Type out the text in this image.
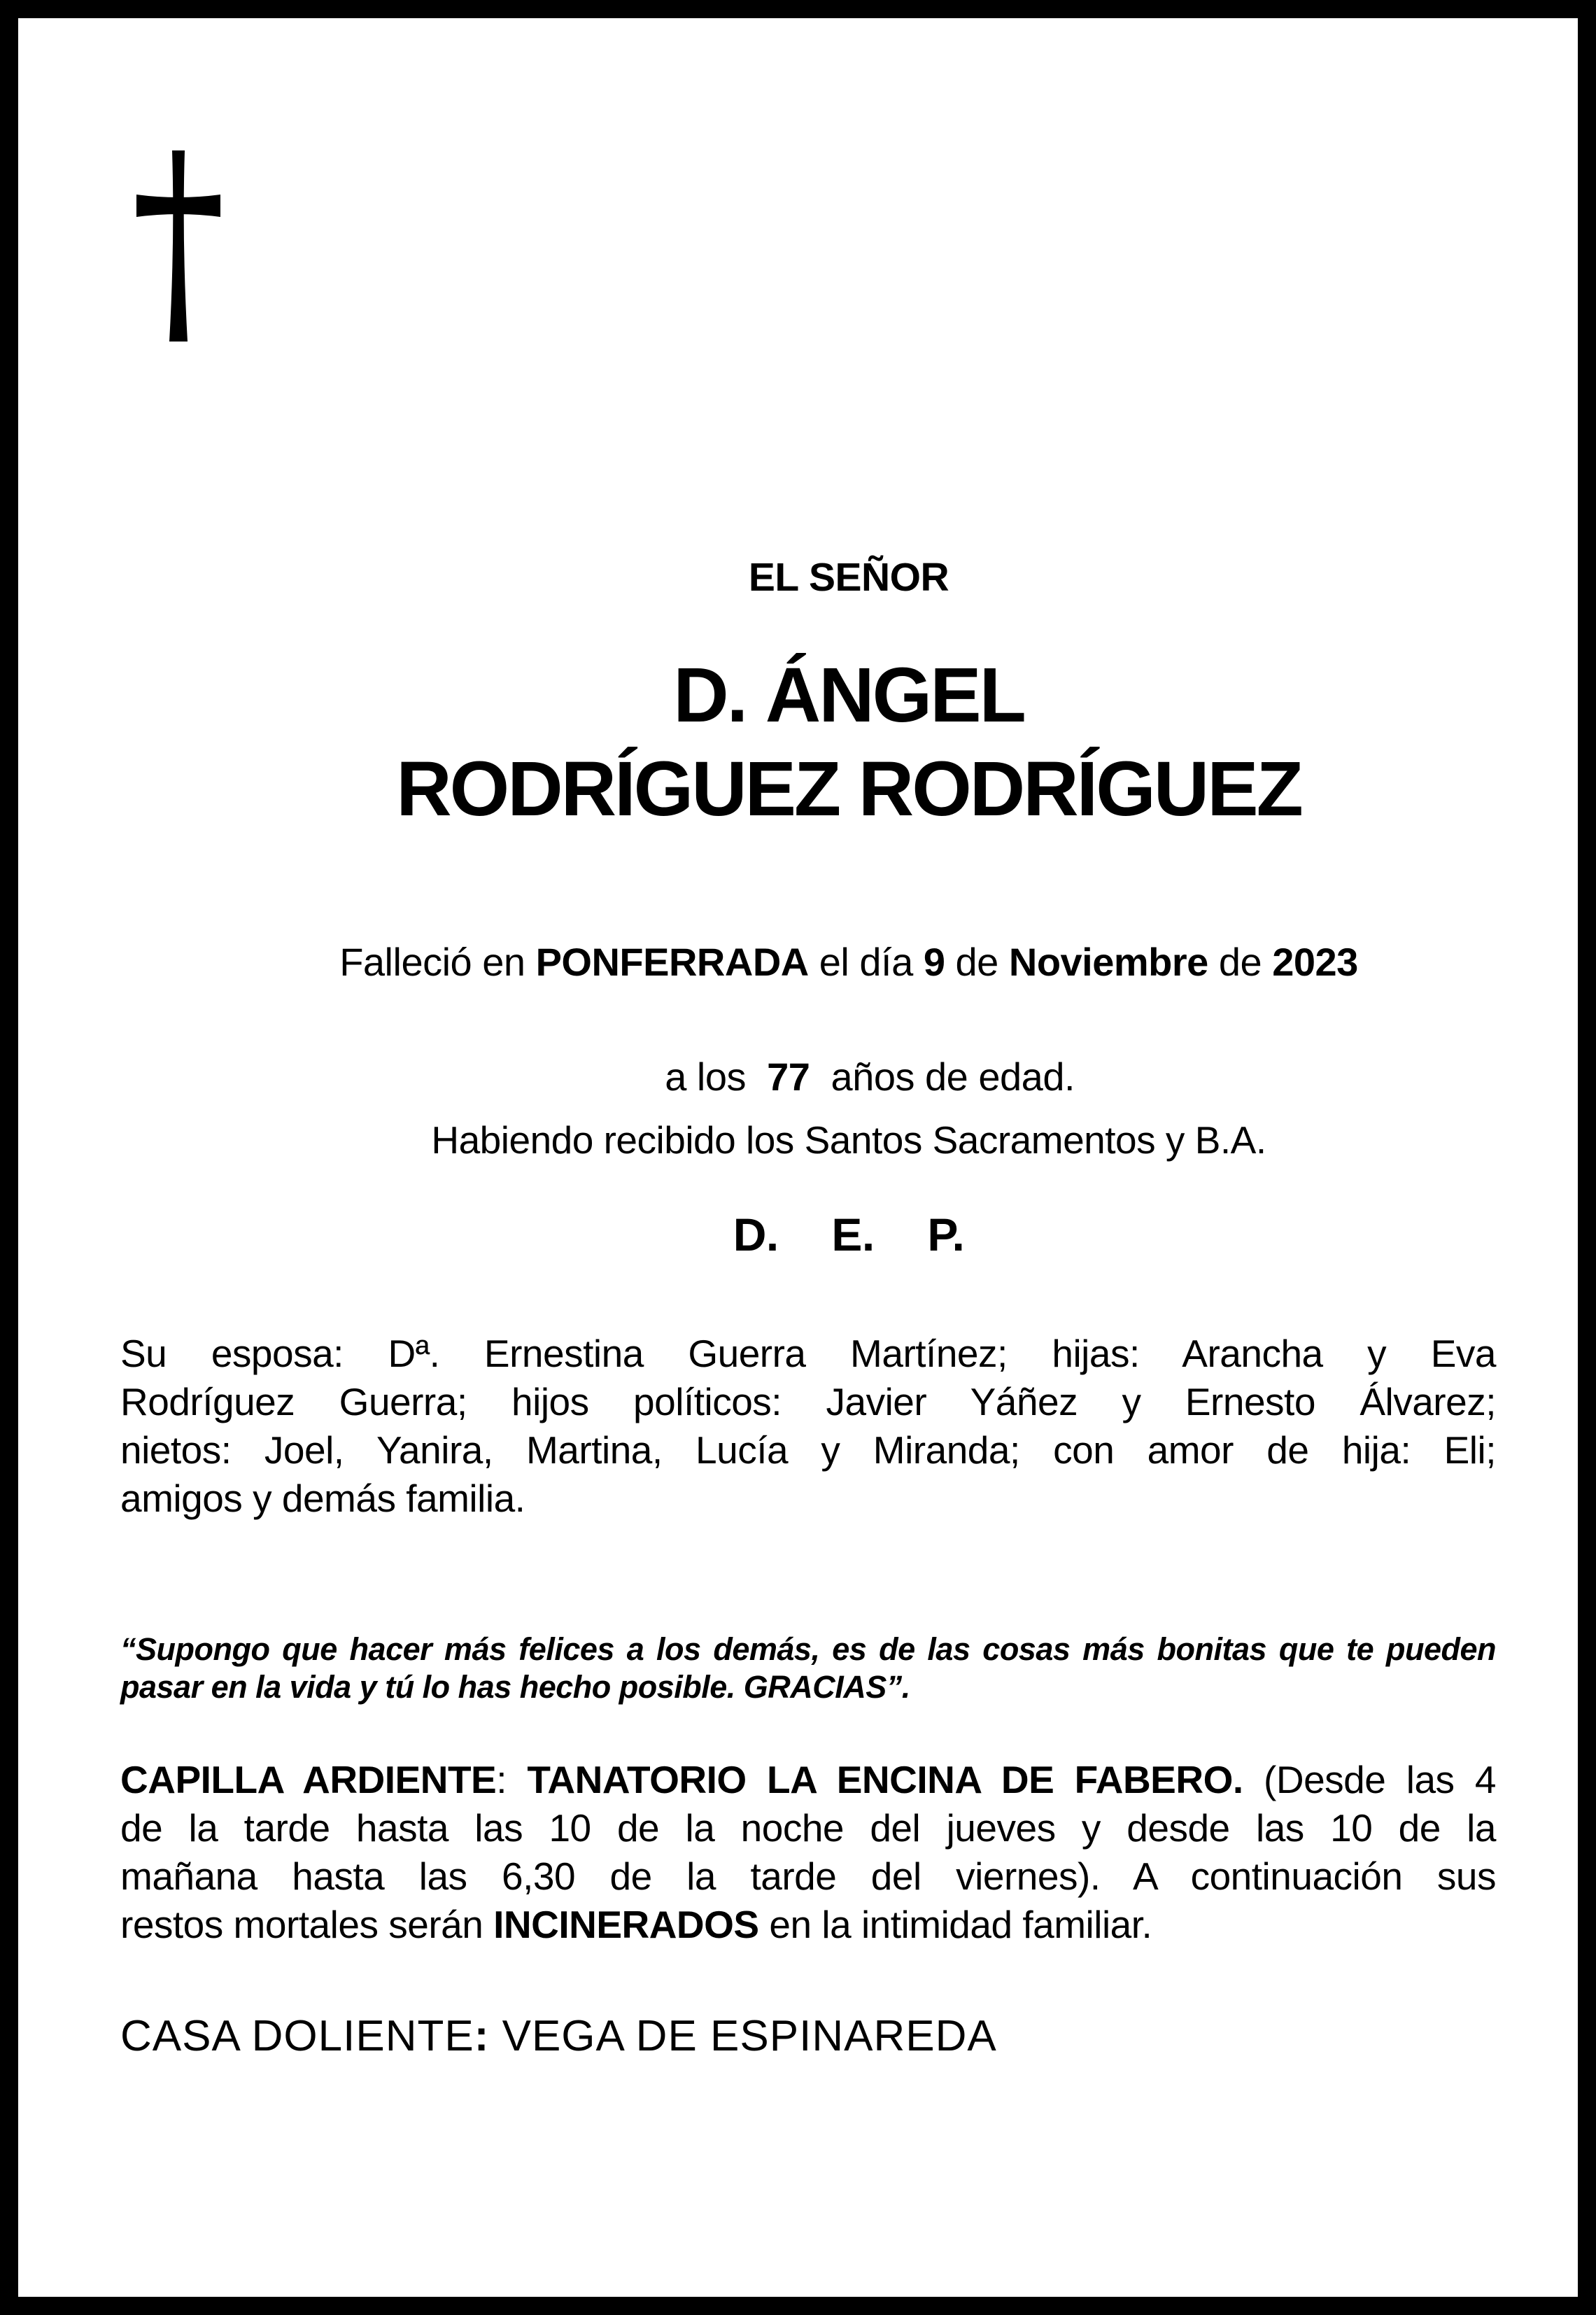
EL SEÑOR
D. ÁNGEL
RODRÍGUEZ RODRÍGUEZ
Falleció en PONFERRADA el día 9 de Noviembre de 2023

a los  77  años de edad.

Habiendo recibido los Santos Sacramentos y B.A.
D.  E.  P.
Su esposa: Dª. Ernestina Guerra Martínez; hijas: Arancha y Eva
Rodríguez Guerra; hijos políticos: Javier Yáñez y Ernesto Álvarez;
nietos: Joel, Yanira, Martina, Lucía y Miranda; con amor de hija: Eli;
amigos y demás familia.
“Supongo que hacer más felices a los demás, es de las cosas más bonitas que te pueden
pasar en la vida y tú lo has hecho posible. GRACIAS”.
CAPILLA ARDIENTE: TANATORIO LA ENCINA DE FABERO. (Desde las 4
de la tarde hasta las 10 de la noche del jueves y desde las 10 de la
mañana hasta las 6,30 de la tarde del viernes). A continuación sus
restos mortales serán INCINERADOS en la intimidad familiar.
CASA DOLIENTE: VEGA DE ESPINAREDA
